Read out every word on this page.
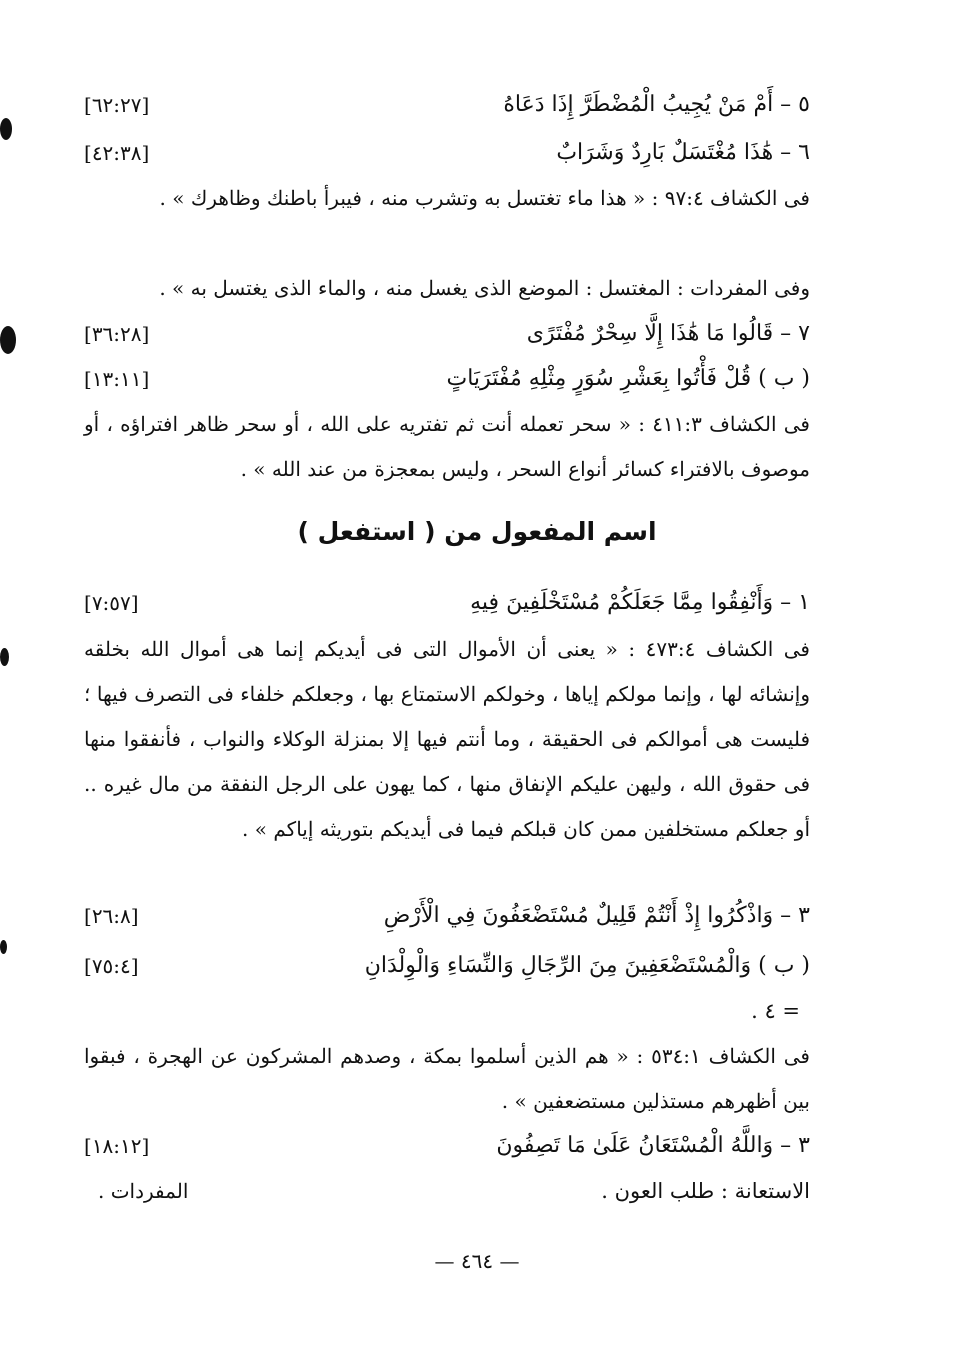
٥ – أَمْ مَنْ يُجِيبُ الْمُضْطَرَّ إِذَا دَعَاهُ
[٦٢:٢٧]
٦ – هَٰذَا مُغْتَسَلٌ بَارِدٌ وَشَرَابٌ
[٤٢:٣٨]
فى الكشاف ٩٧:٤ : « هذا ماء تغتسل به وتشرب منه ، فيبرأ باطنك وظاهرك » .
وفى المفردات : المغتسل : الموضع الذى يغسل منه ، والماء الذى يغتسل به » .
٧ – قَالُوا مَا هَٰذَا إِلَّا سِحْرٌ مُفْتَرًى
[٣٦:٢٨]
( ب ) قُلْ فَأْتُوا بِعَشْرِ سُوَرٍ مِثْلِهِ مُفْتَرَيَاتٍ
[١٣:١١]
فى الكشاف ٤١١:٣ : « سحر تعمله أنت ثم تفتريه على الله ، أو سحر ظاهر افتراؤه ، أو موصوف بالافتراء كسائر أنواع السحر ، وليس بمعجزة من عند الله » .
اسم المفعول من ( استفعل )
١ – وَأَنْفِقُوا مِمَّا جَعَلَكُمْ مُسْتَخْلَفِينَ فِيهِ
[٧:٥٧]
فى الكشاف ٤٧٣:٤ : « يعنى أن الأموال التى فى أيديكم إنما هى أموال الله بخلقه وإنشائه لها ، وإنما مولكم إياها ، وخولكم الاستمتاع بها ، وجعلكم خلفاء فى التصرف فيها ؛ فليست هى أموالكم فى الحقيقة ، وما أنتم فيها إلا بمنزلة الوكلاء والنواب ، فأنفقوا منها فى حقوق الله ، وليهن عليكم الإنفاق منها ، كما يهون على الرجل النفقة من مال غيره .. أو جعلكم مستخلفين ممن كان قبلكم فيما فى أيديكم بتوريثه إياكم » .
٣ – وَاذْكُرُوا إِذْ أَنْتُمْ قَلِيلٌ مُسْتَضْعَفُونَ فِي الْأَرْضِ
[٢٦:٨]
( ب ) وَالْمُسْتَضْعَفِينَ مِنَ الرِّجَالِ وَالنِّسَاءِ وَالْوِلْدَانِ
[٧٥:٤]
= ٤ .
فى الكشاف ٥٣٤:١ : « هم الذين أسلموا بمكة ، وصدهم المشركون عن الهجرة ، فبقوا بين أظهرهم مستذلين مستضعفين » .
٣ – وَاللَّهُ الْمُسْتَعَانُ عَلَىٰ مَا تَصِفُونَ
[١٨:١٢]
الاستعانة : طلب العون .
المفردات .
— ٤٦٤ —
